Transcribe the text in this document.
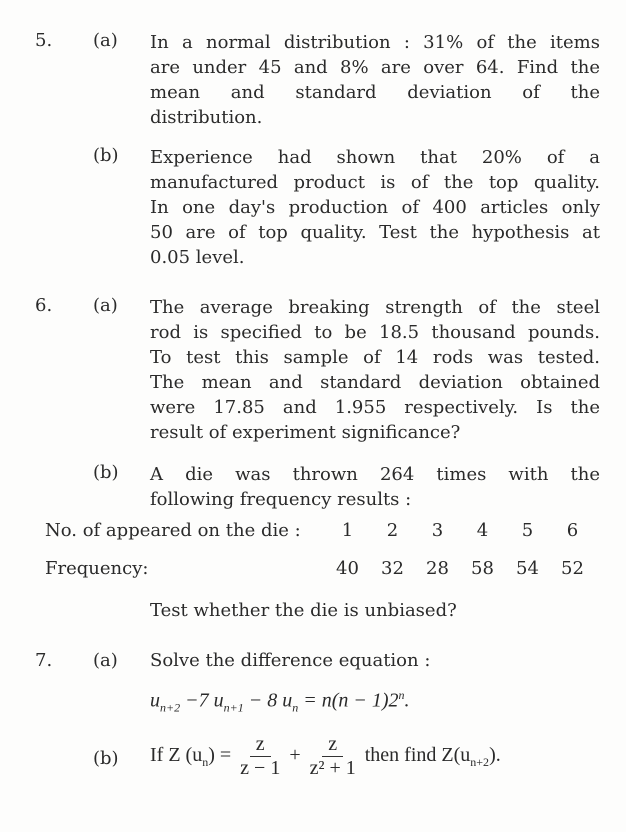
5. (a) In a normal distribution : 31% of the items
are under 45 and 8% are over 64. Find the
mean and standard deviation of the
distribution.
(b) Experience had shown that 20% of a
manufactured product is of the top quality.
In one day's production of 400 articles only
50 are of top quality. Test the hypothesis at
0.05 level.
6. (a) The average breaking strength of the steel
rod is specified to be 18.5 thousand pounds.
To test this sample of 14 rods was tested.
The mean and standard deviation obtained
were 17.85 and 1.955 respectively. Is the
result of experiment significance?
(b) A die was thrown 264 times with the
following frequency results :
No. of appeared on the die :	1	2	3	4	5	6
Frequency:	40	32	28	58	54	52
Test whether the die is unbiased?
7. (a) Solve the difference equation :
$u_{n+2} -7$ $u_{n+1} - 8$ $u_n = n(n - 1)2^n$.
(b) If Z $(u_n) = \frac{z}{z - 1} + \frac{z}{\text{z² + 1}}$ then find $Z(u_{n+2})$.
